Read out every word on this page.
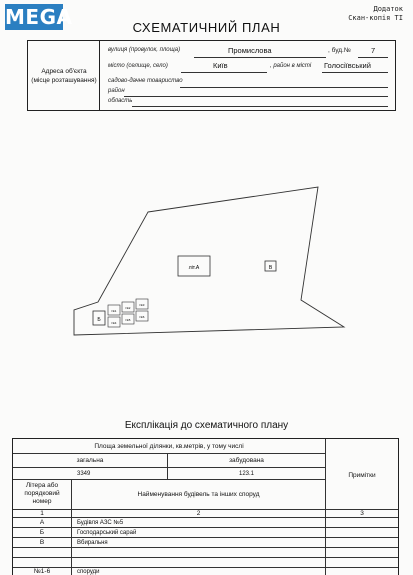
MEGA	Додаток
Скан-копія ТІ
СХЕМАТИЧНИЙ ПЛАН
Адреса об'єкта
(місце розташування)
вулиця (провулок, площа)	Промислова	, буд.№	7
місто (селище, село)	Київ	, район в місті Голосіївський
садово-дачне товариство
район
область
літ.А	В
Б
№1
№2
№3
№4
№5
№6
Експлікація до схематичного плану
Площа земельної ділянки, кв.метрів, у тому числі
загальна	забудована
3349	123.1	Примітки
Літера або
порядковий
номер
Найменування будівель та інших споруд
1	2	3
А	Будівля АЗС №5
Б	Господарський сарай
В	Вбиральня
№1-6	споруди
